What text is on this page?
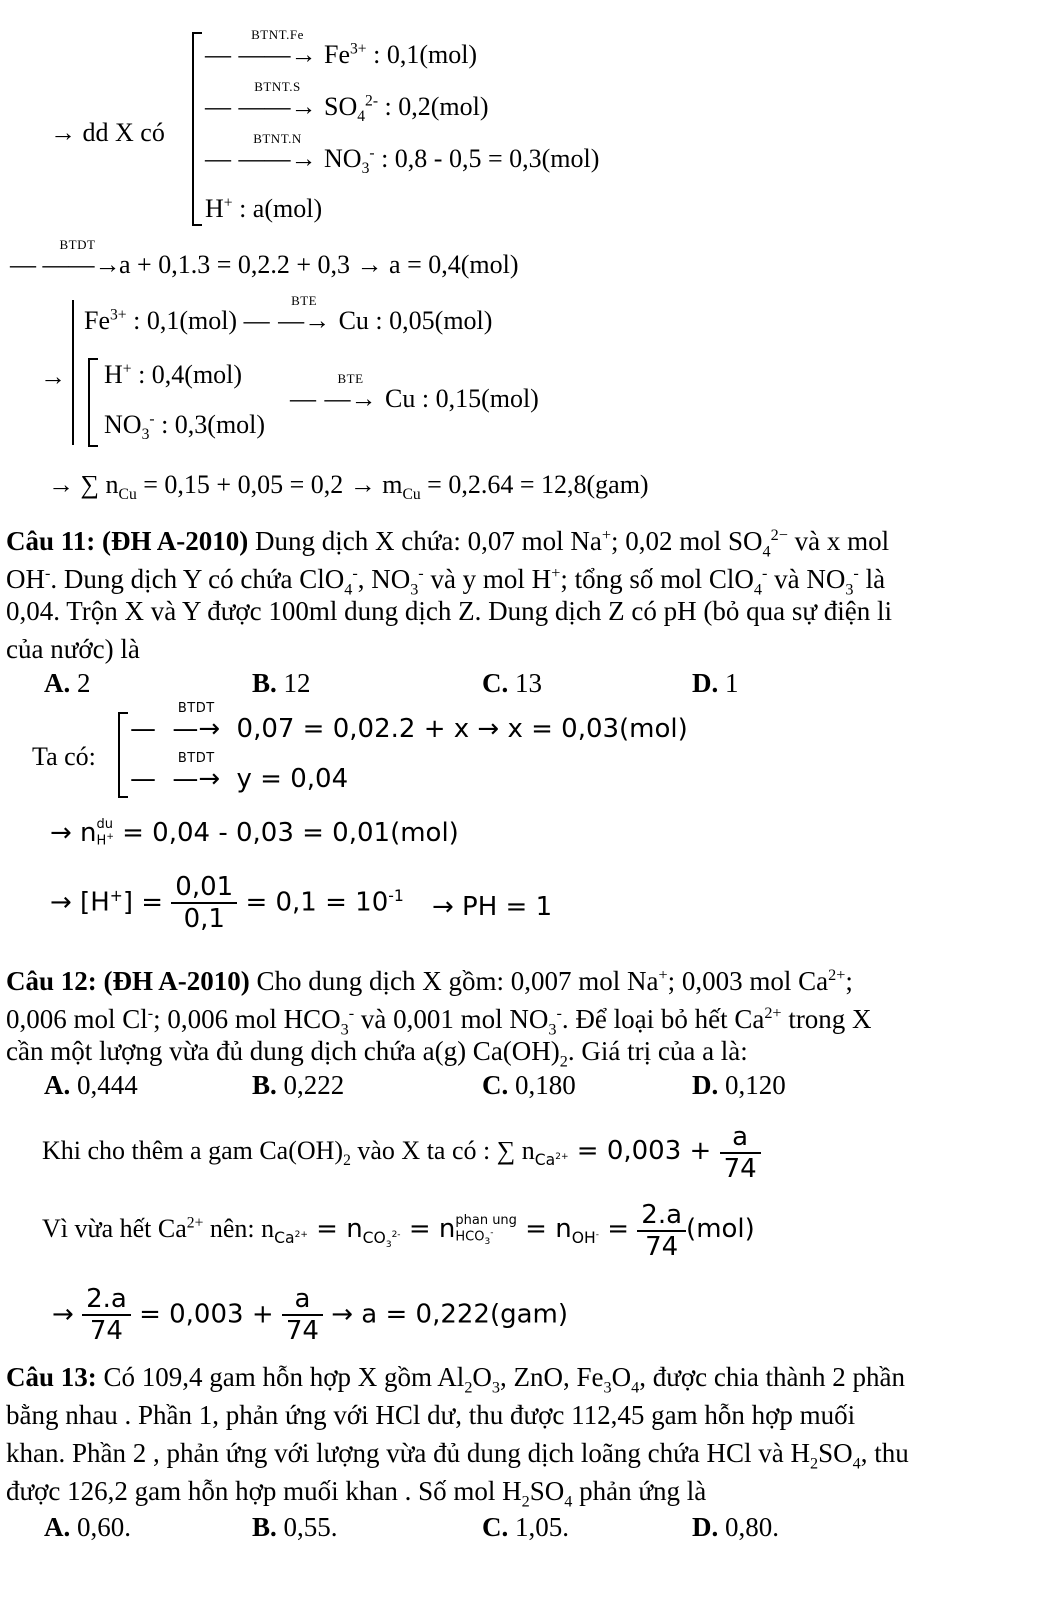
→ dd X có
—
BTNT.Fe
——→ $Fe^{3+}$ : 0,1(mol)
—
BTNT.S
——→ $SO_4^{2-}$ : 0,2(mol)
—
BTNT.N
——→ $NO_3^-$ : 0,8 - 0,5 = 0,3(mol)
H+ : a(mol)
—
BTDT
——→ a + 0,1.3 = 0,2.2 + 0,3 → a = 0,4(mol)
→
$Fe^{3+}$ : 0,1(mol) —
BTE
—→ Cu : 0,05(mol)
H+ : 0,4(mol)
$NO_3^-$ : 0,3(mol)
—
BTE
—→ Cu : 0,15(mol)
→ ∑ $n_{Cu} = 0,15 + 0,05 = 0,2 \to m_{Cu} = 0,2.64 = 12,8(gam)$
Câu 11: (ĐH A-2010) Dung dịch X chứa: 0,07 mol Na+; 0,02 mol $SO_4^{2-}$ và x mol
OH-. Dung dịch Y có chứa ClO$_4$-, $NO_3^-$ và y mol H+; tổng số mol ClO$_4$- và $NO_3^-$ là
0,04. Trộn X và Y được 100ml dung dịch Z. Dung dịch Z có pH (bỏ qua sự điện li
của nước) là
A. 2	B. 12	C. 13	D. 1
Ta có:
—
BTDT
—→ 0,07 = 0,02.2 + x → x = 0,03(mol)
—
BTDT
—→ y = 0,04
→ n du
H+ = 0,04 - 0,03 = 0,01(mol)
→ $[H^+] = \frac{0,01}{0,1} = 0,1 = 10^{-1}$ → PH = 1
Câu 12: (ĐH A-2010) Cho dung dịch X gồm: 0,007 mol Na+; 0,003 mol $Ca^{2+}$;
0,006 mol Cl-; 0,006 mol $HCO_3^-$ và 0,001 mol $NO_3^-$. Để loại bỏ hết $Ca^{2+}$ trong X
cần một lượng vừa đủ dung dịch chứa a(g) $Ca(OH)_2$. Giá trị của a là:
A. 0,444	B. 0,222	C. 0,180	D. 0,120
Khi cho thêm a gam $Ca(OH)_2$ vào X ta có : ∑ $n_{Ca^{2+}} = 0,003 + \frac{a}{74}$
Vì vừa hết $Ca^{2+}$ nên: $n_{Ca^{2+}} = n_{CO_3^{2-}} = n$ phan ung
$HCO_3^- = n_{OH^-} = \frac{2.a}{74} (mol)$
→ $\frac{2.a}{74} = 0,003 + \frac{a}{74} \to a = 0,222(gam)$
Câu 13: Có 109,4 gam hỗn hợp X gồm $Al_2O_3$, ZnO, $Fe_3O_4$, được chia thành 2 phần
bằng nhau . Phần 1, phản ứng với HCl dư, thu được 112,45 gam hỗn hợp muối
khan. Phần 2 , phản ứng với lượng vừa đủ dung dịch loãng chứa HCl và $H_2SO_4$, thu
được 126,2 gam hỗn hợp muối khan . Số mol $H_2SO_4$ phản ứng là
A. 0,60.	B. 0,55.	C. 1,05.	D. 0,80.
